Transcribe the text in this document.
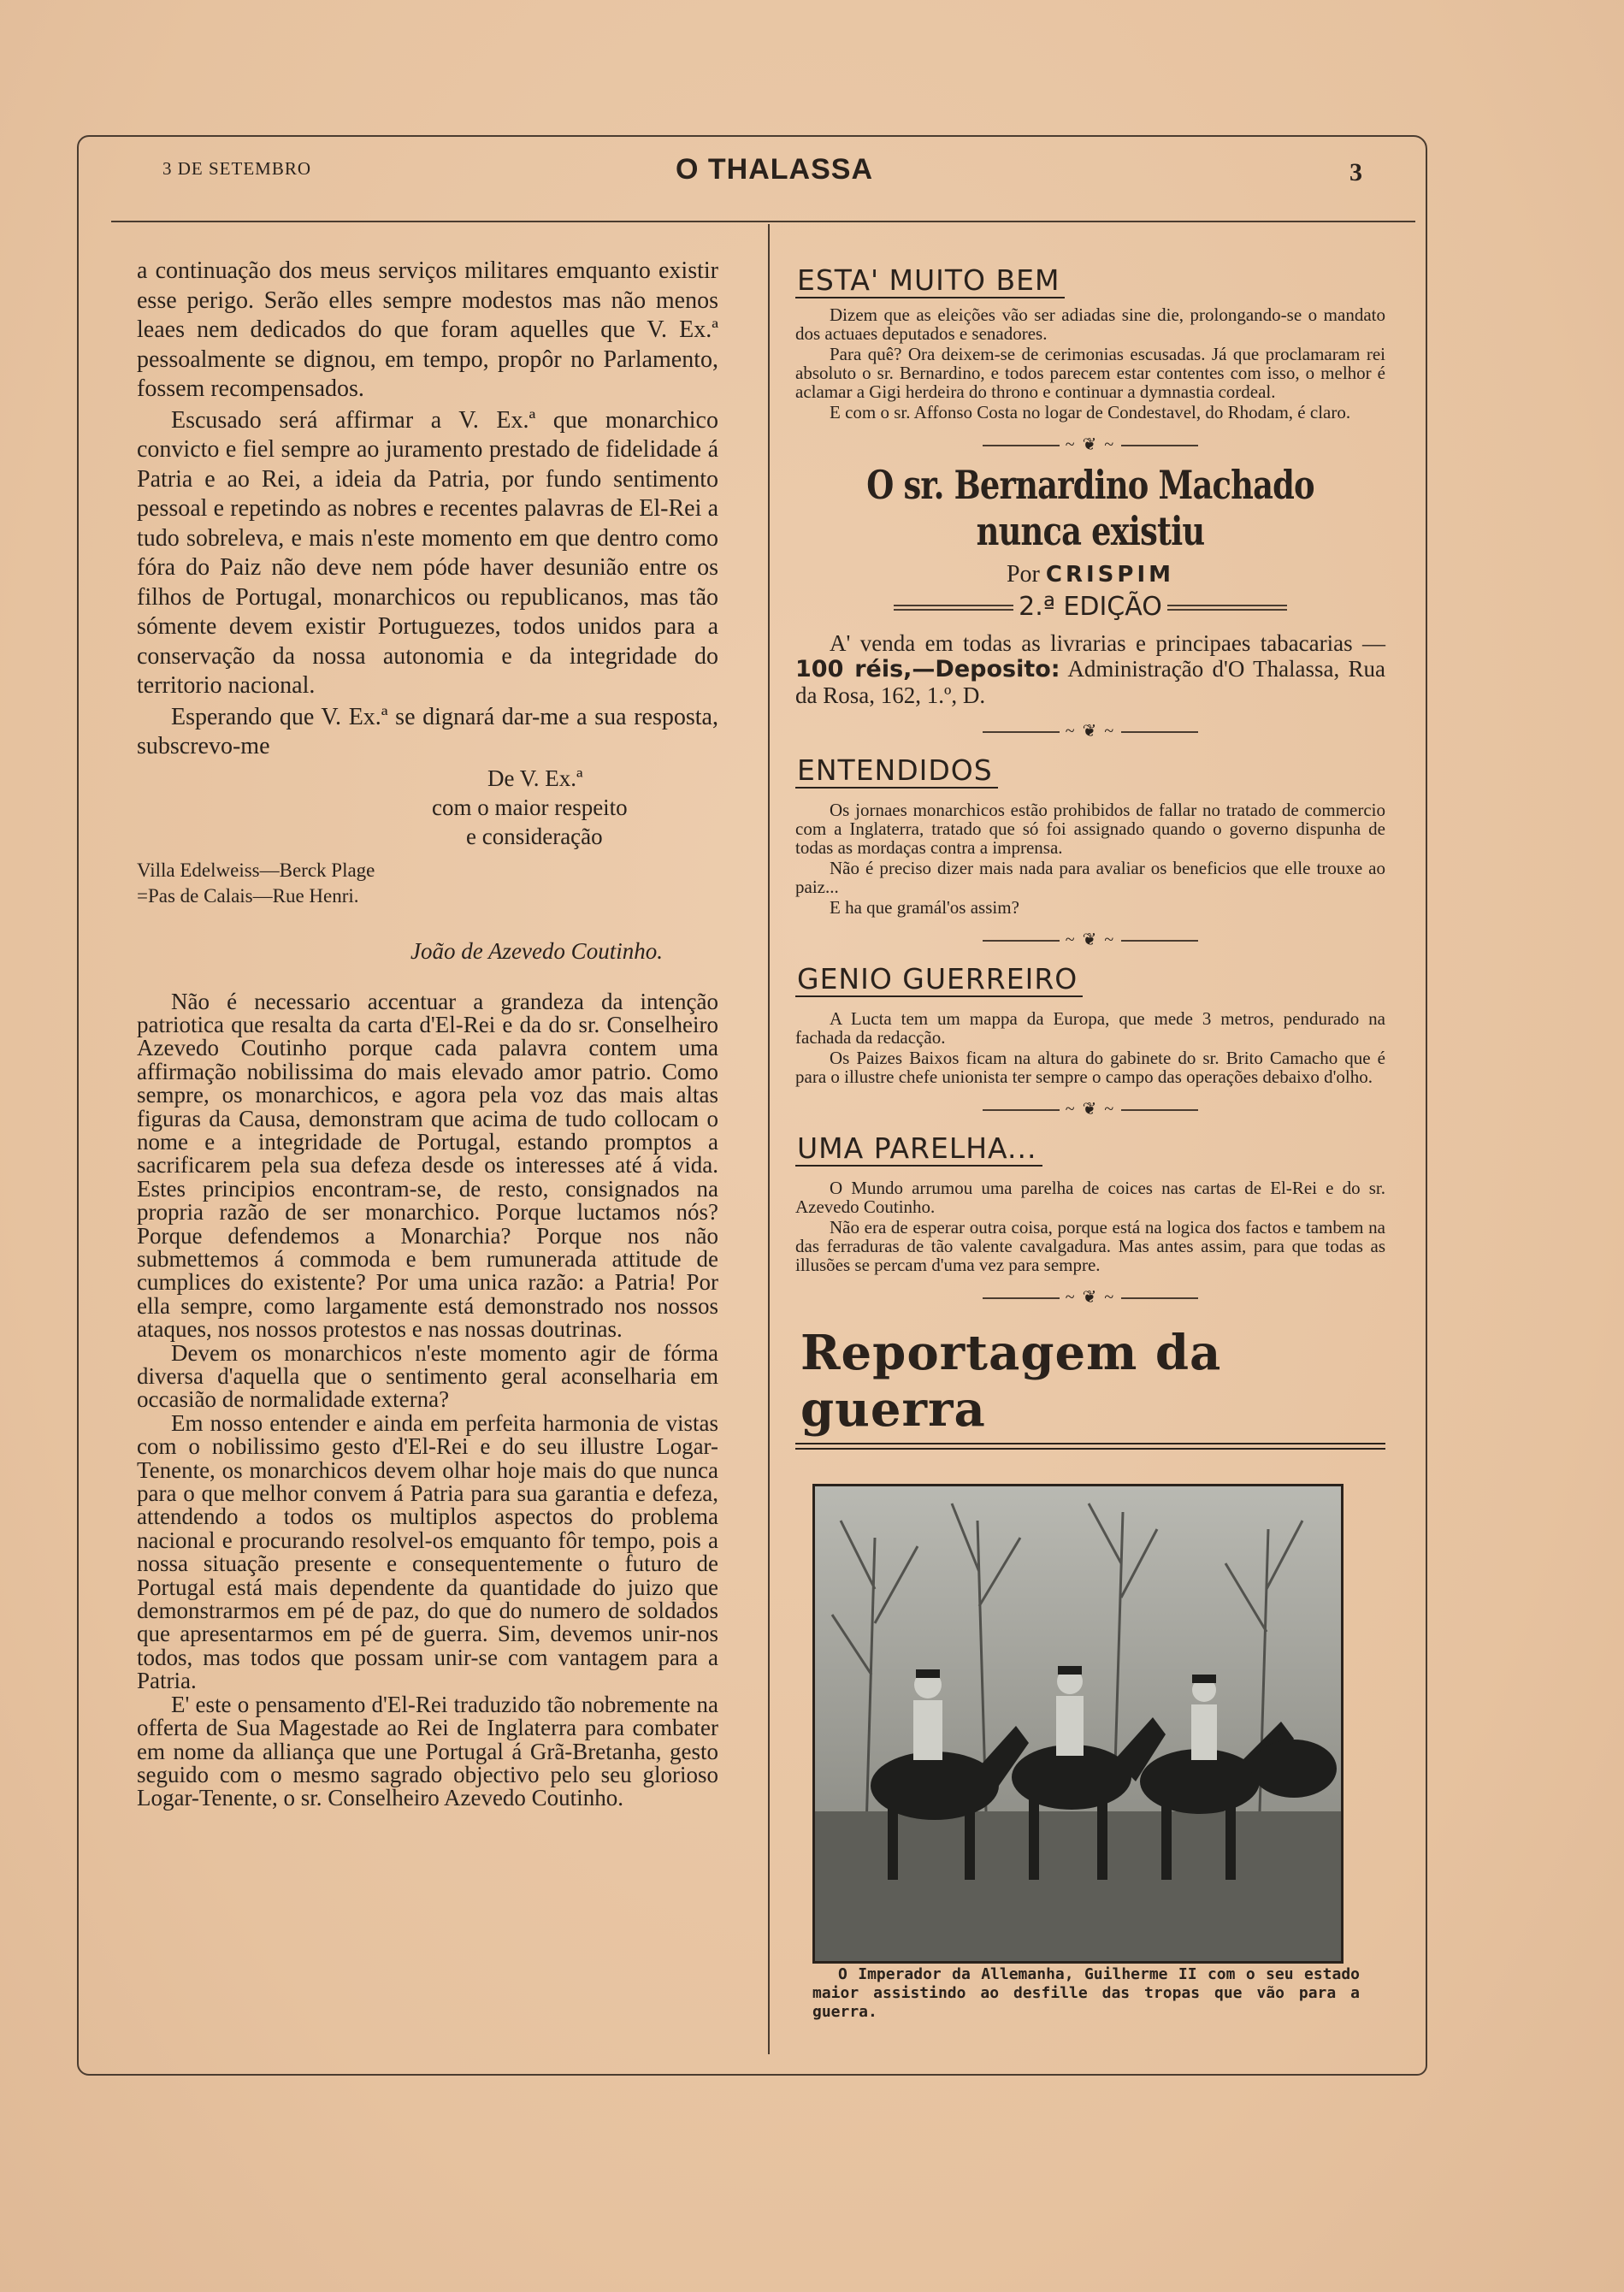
3 DE SETEMBRO	O THALASSA	3

a continuação dos meus serviços militares emquanto existir esse perigo. Serão elles sempre modestos mas não menos leaes nem dedicados do que foram aquelles que V. Ex.ª pessoalmente se dignou, em tempo, propôr no Parlamento, fossem recompensados.

Escusado será affirmar a V. Ex.ª que monarchico convicto e fiel sempre ao juramento prestado de fidelidade á Patria e ao Rei, a ideia da Patria, por fundo sentimento pessoal e repetindo as nobres e recentes palavras de El-Rei a tudo sobreleva, e mais n'este momento em que dentro como fóra do Paiz não deve nem póde haver desunião entre os filhos de Portugal, monarchicos ou republicanos, mas tão sómente devem existir Portuguezes, todos unidos para a conservação da nossa autonomia e da integridade do territorio nacional.

Esperando que V. Ex.ª se dignará dar-me a sua resposta, subscrevo-me

De V. Ex.ª
com o maior respeito
e consideração
Villa Edelweiss—Berck Plage
=Pas de Calais—Rue Henri.
João de Azevedo Coutinho.

Não é necessario accentuar a grandeza da intenção patriotica que resalta da carta d'El-Rei e da do sr. Conselheiro Azevedo Coutinho porque cada palavra contem uma affirmação nobilissima do mais elevado amor patrio. Como sempre, os monarchicos, e agora pela voz das mais altas figuras da Causa, demonstram que acima de tudo collocam o nome e a integridade de Portugal, estando promptos a sacrificarem pela sua defeza desde os interesses até á vida. Estes principios encontram-se, de resto, consignados na propria razão de ser monarchico. Porque luctamos nós? Porque defendemos a Monarchia? Porque nos não submettemos á commoda e bem rumunerada attitude de cumplices do existente? Por uma unica razão: a Patria! Por ella sempre, como largamente está demonstrado nos nossos ataques, nos nossos protestos e nas nossas doutrinas.

Devem os monarchicos n'este momento agir de fórma diversa d'aquella que o sentimento geral aconselharia em occasião de normalidade externa?

Em nosso entender e ainda em perfeita harmonia de vistas com o nobilissimo gesto d'El-Rei e do seu illustre Logar-Tenente, os monarchicos devem olhar hoje mais do que nunca para o que melhor convem á Patria para sua garantia e defeza, attendendo a todos os multiplos aspectos do problema nacional e procurando resolvel-os emquanto fôr tempo, pois a nossa situação presente e consequentemente o futuro de Portugal está mais dependente da quantidade do juizo que demonstrarmos em pé de paz, do que do numero de soldados que apresentarmos em pé de guerra. Sim, devemos unir-nos todos, mas todos que possam unir-se com vantagem para a Patria.

E' este o pensamento d'El-Rei traduzido tão nobremente na offerta de Sua Magestade ao Rei de Inglaterra para combater em nome da alliança que une Portugal á Grã-Bretanha, gesto seguido com o mesmo sagrado objectivo pelo seu glorioso Logar-Tenente, o sr. Conselheiro Azevedo Coutinho.

ESTA' MUITO BEM

Dizem que as eleições vão ser adiadas sine die, prolongando-se o mandato dos actuaes deputados e senadores.

Para quê? Ora deixem-se de cerimonias escusadas. Já que proclamaram rei absoluto o sr. Bernardino, e todos parecem estar contentes com isso, o melhor é aclamar a Gigi herdeira do throno e continuar a dymnastia cordeal.

E com o sr. Affonso Costa no logar de Condestavel, do Rhodam, é claro.

~ ❦ ~
O sr. Bernardino Machado nunca existiu
Por CRISPIM
2.ª EDIÇÃO

A' venda em todas as livrarias e principaes tabacarias — 100 réis,—Deposito: Administração d'O Thalassa, Rua da Rosa, 162, 1.º, D.

~ ❦ ~
ENTENDIDOS

Os jornaes monarchicos estão prohibidos de fallar no tratado de commercio com a Inglaterra, tratado que só foi assignado quando o governo dispunha de todas as mordaças contra a imprensa.

Não é preciso dizer mais nada para avaliar os beneficios que elle trouxe ao paiz...

E ha que gramál'os assim?

~ ❦ ~
GENIO GUERREIRO

A Lucta tem um mappa da Europa, que mede 3 metros, pendurado na fachada da redacção.

Os Paizes Baixos ficam na altura do gabinete do sr. Brito Camacho que é para o illustre chefe unionista ter sempre o campo das operações debaixo d'olho.

~ ❦ ~
UMA PARELHA...

O Mundo arrumou uma parelha de coices nas cartas de El-Rei e do sr. Azevedo Coutinho.

Não era de esperar outra coisa, porque está na logica dos factos e tambem na das ferraduras de tão valente cavalgadura. Mas antes assim, para que todas as illusões se percam d'uma vez para sempre.

~ ❦ ~
Reportagem da guerra
O Imperador da Allemanha, Guilherme II com o seu estado maior assistindo ao desfille das tropas que vão para a guerra.
